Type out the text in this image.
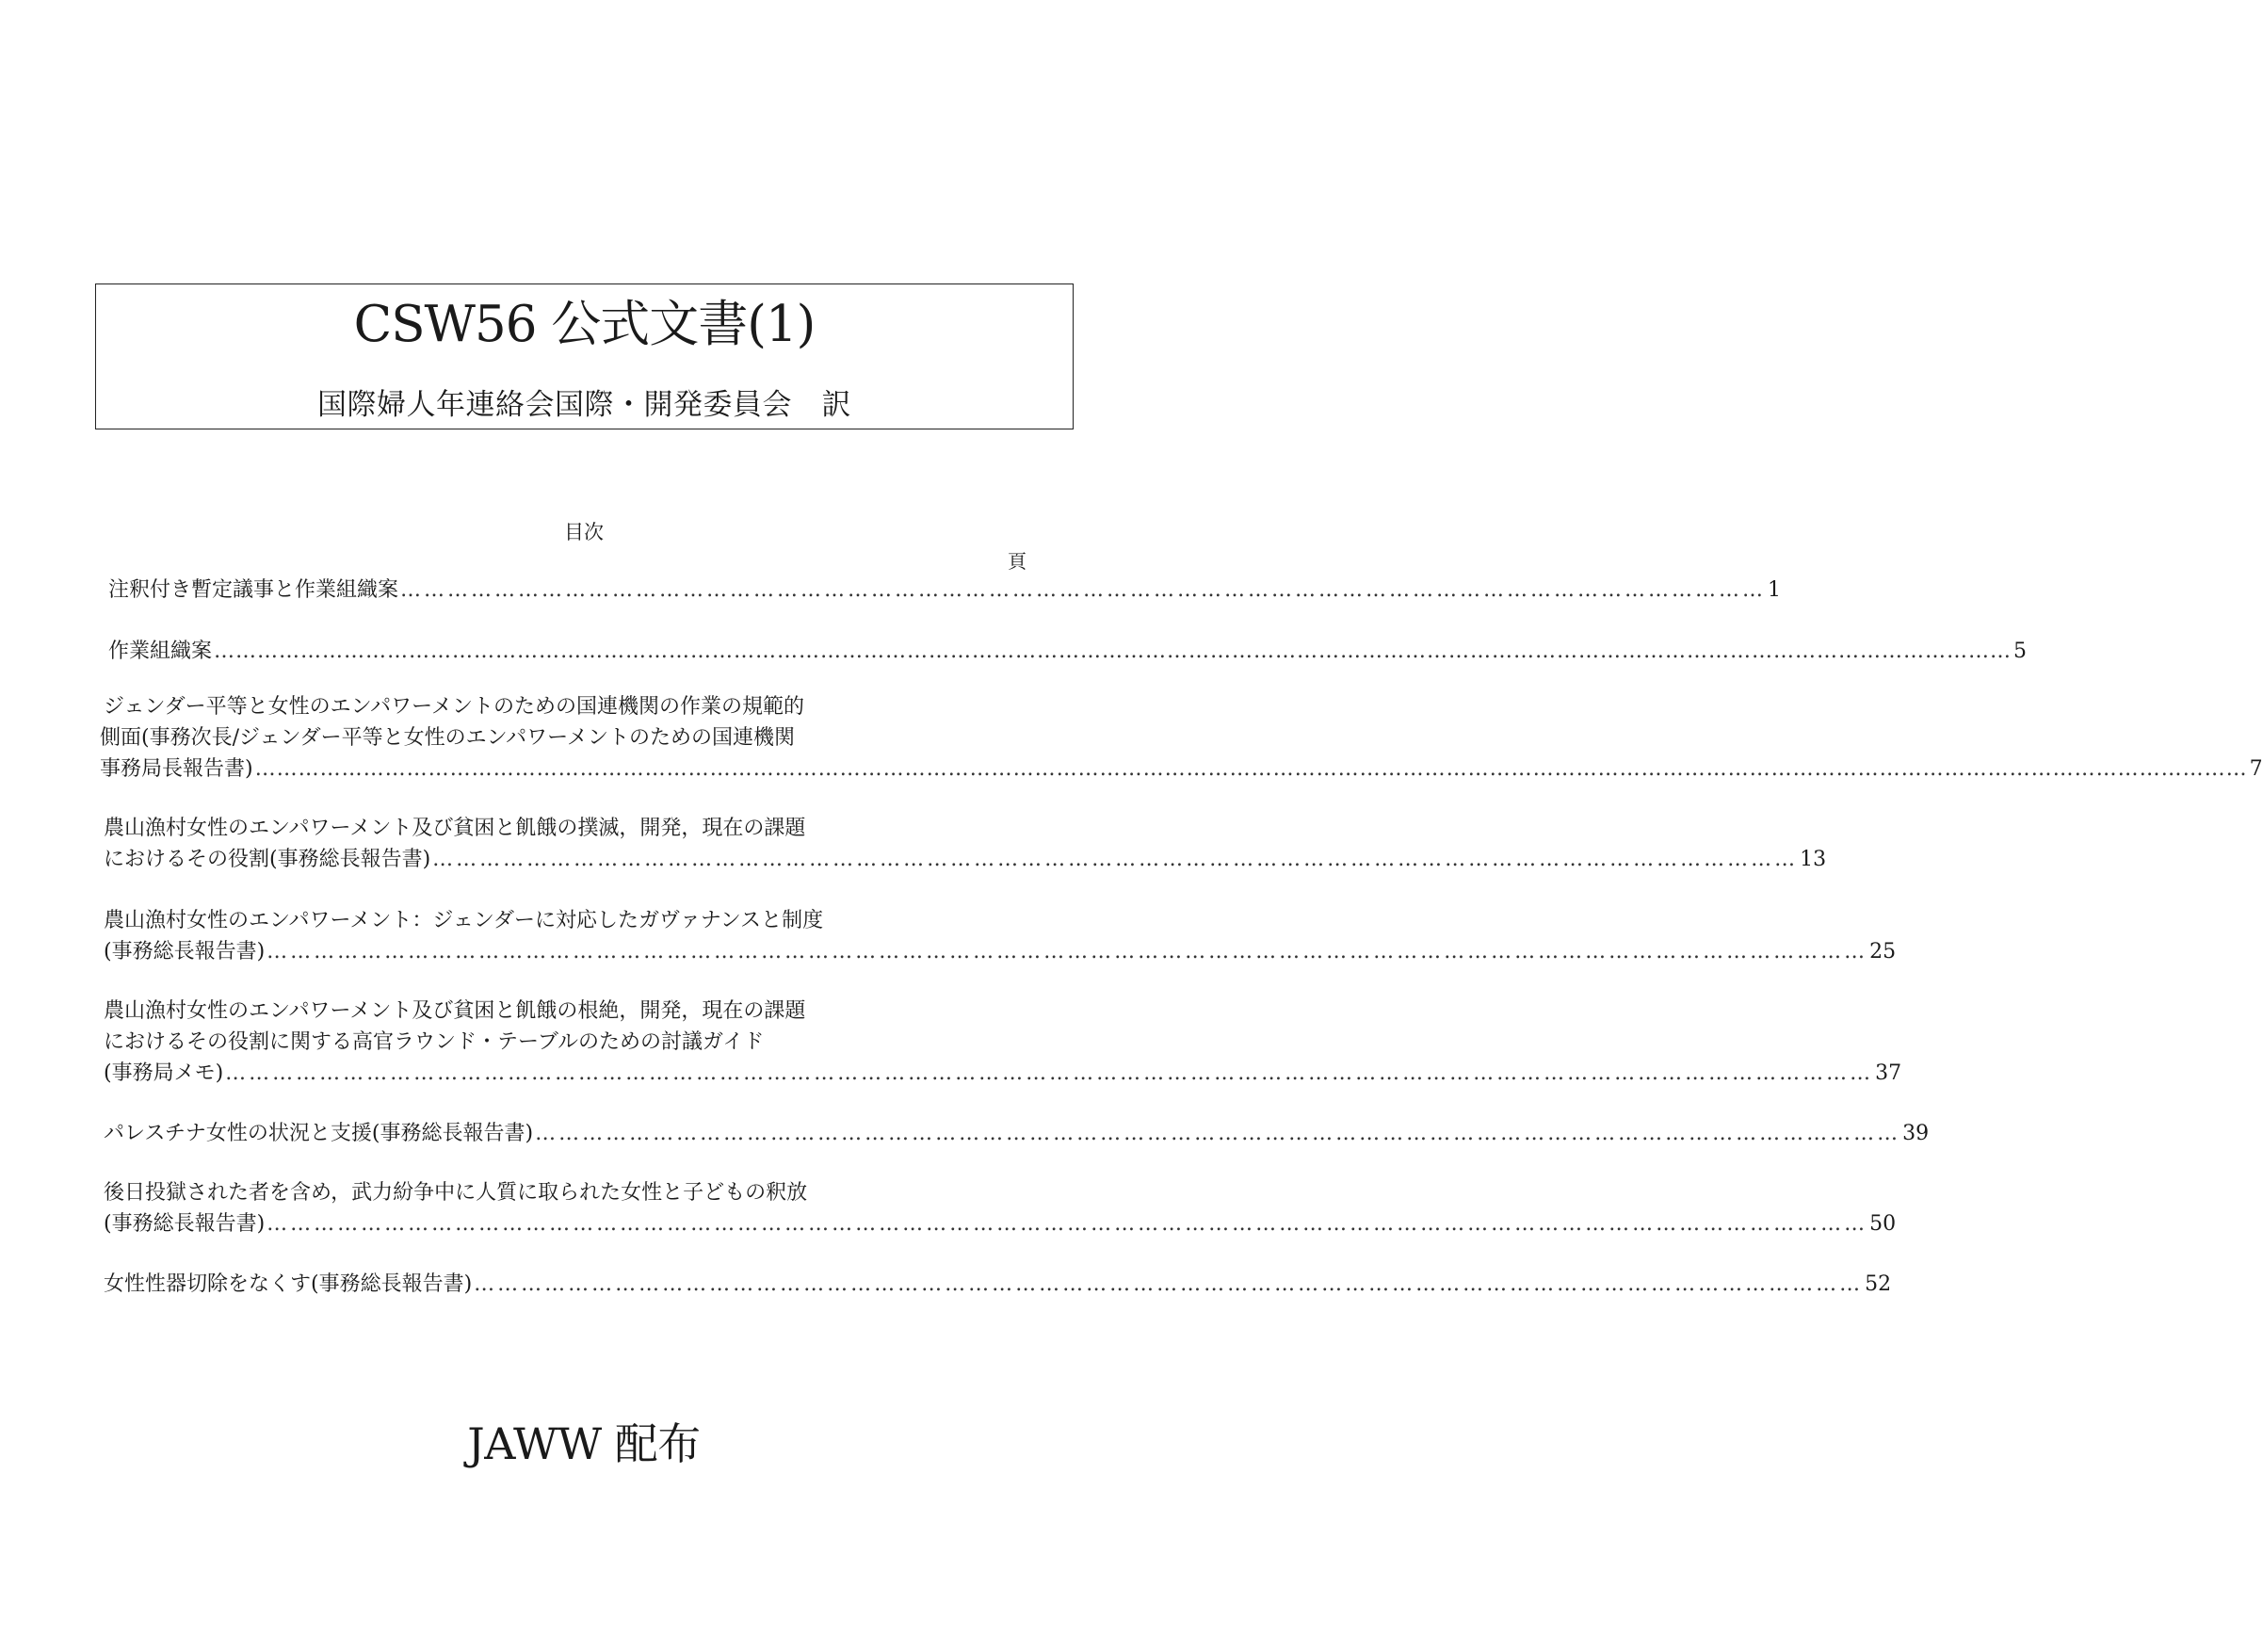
CSW56 公式文書(1)
国際婦人年連絡会国際・開発委員会　訳
目次
頁
注釈付き暫定議事と作業組織案 ………………………………………………………………………………………………………………………………………………………… 1
作業組織案 …………………………………………………………………………………………………………………………………………………………………………………………………………………………… 5
ジェンダー平等と女性のエンパワーメントのための国連機関の作業の規範的
側面(事務次長/ジェンダー平等と女性のエンパワーメントのための国連機関
事務局長報告書) …………………………………………………………………………………………………………………………………………………………………………………………………………………………………………………… 7
農山漁村女性のエンパワーメント及び貧困と飢餓の撲滅，開発，現在の課題
におけるその役割(事務総長報告書) ………………………………………………………………………………………………………………………………………………………… 13
農山漁村女性のエンパワーメント：ジェンダーに対応したガヴァナンスと制度
(事務総長報告書) …………………………………………………………………………………………………………………………………………………………………………………… 25
農山漁村女性のエンパワーメント及び貧困と飢餓の根絶，開発，現在の課題
におけるその役割に関する高官ラウンド・テーブルのための討議ガイド
(事務局メモ) ………………………………………………………………………………………………………………………………………………………………………………………… 37
パレスチナ女性の状況と支援(事務総長報告書) ………………………………………………………………………………………………………………………………………………………… 39
後日投獄された者を含め，武力紛争中に人質に取られた女性と子どもの釈放
(事務総長報告書) …………………………………………………………………………………………………………………………………………………………………………………… 50
女性性器切除をなくす(事務総長報告書) …………………………………………………………………………………………………………………………………………………………… 52
JAWW 配布
